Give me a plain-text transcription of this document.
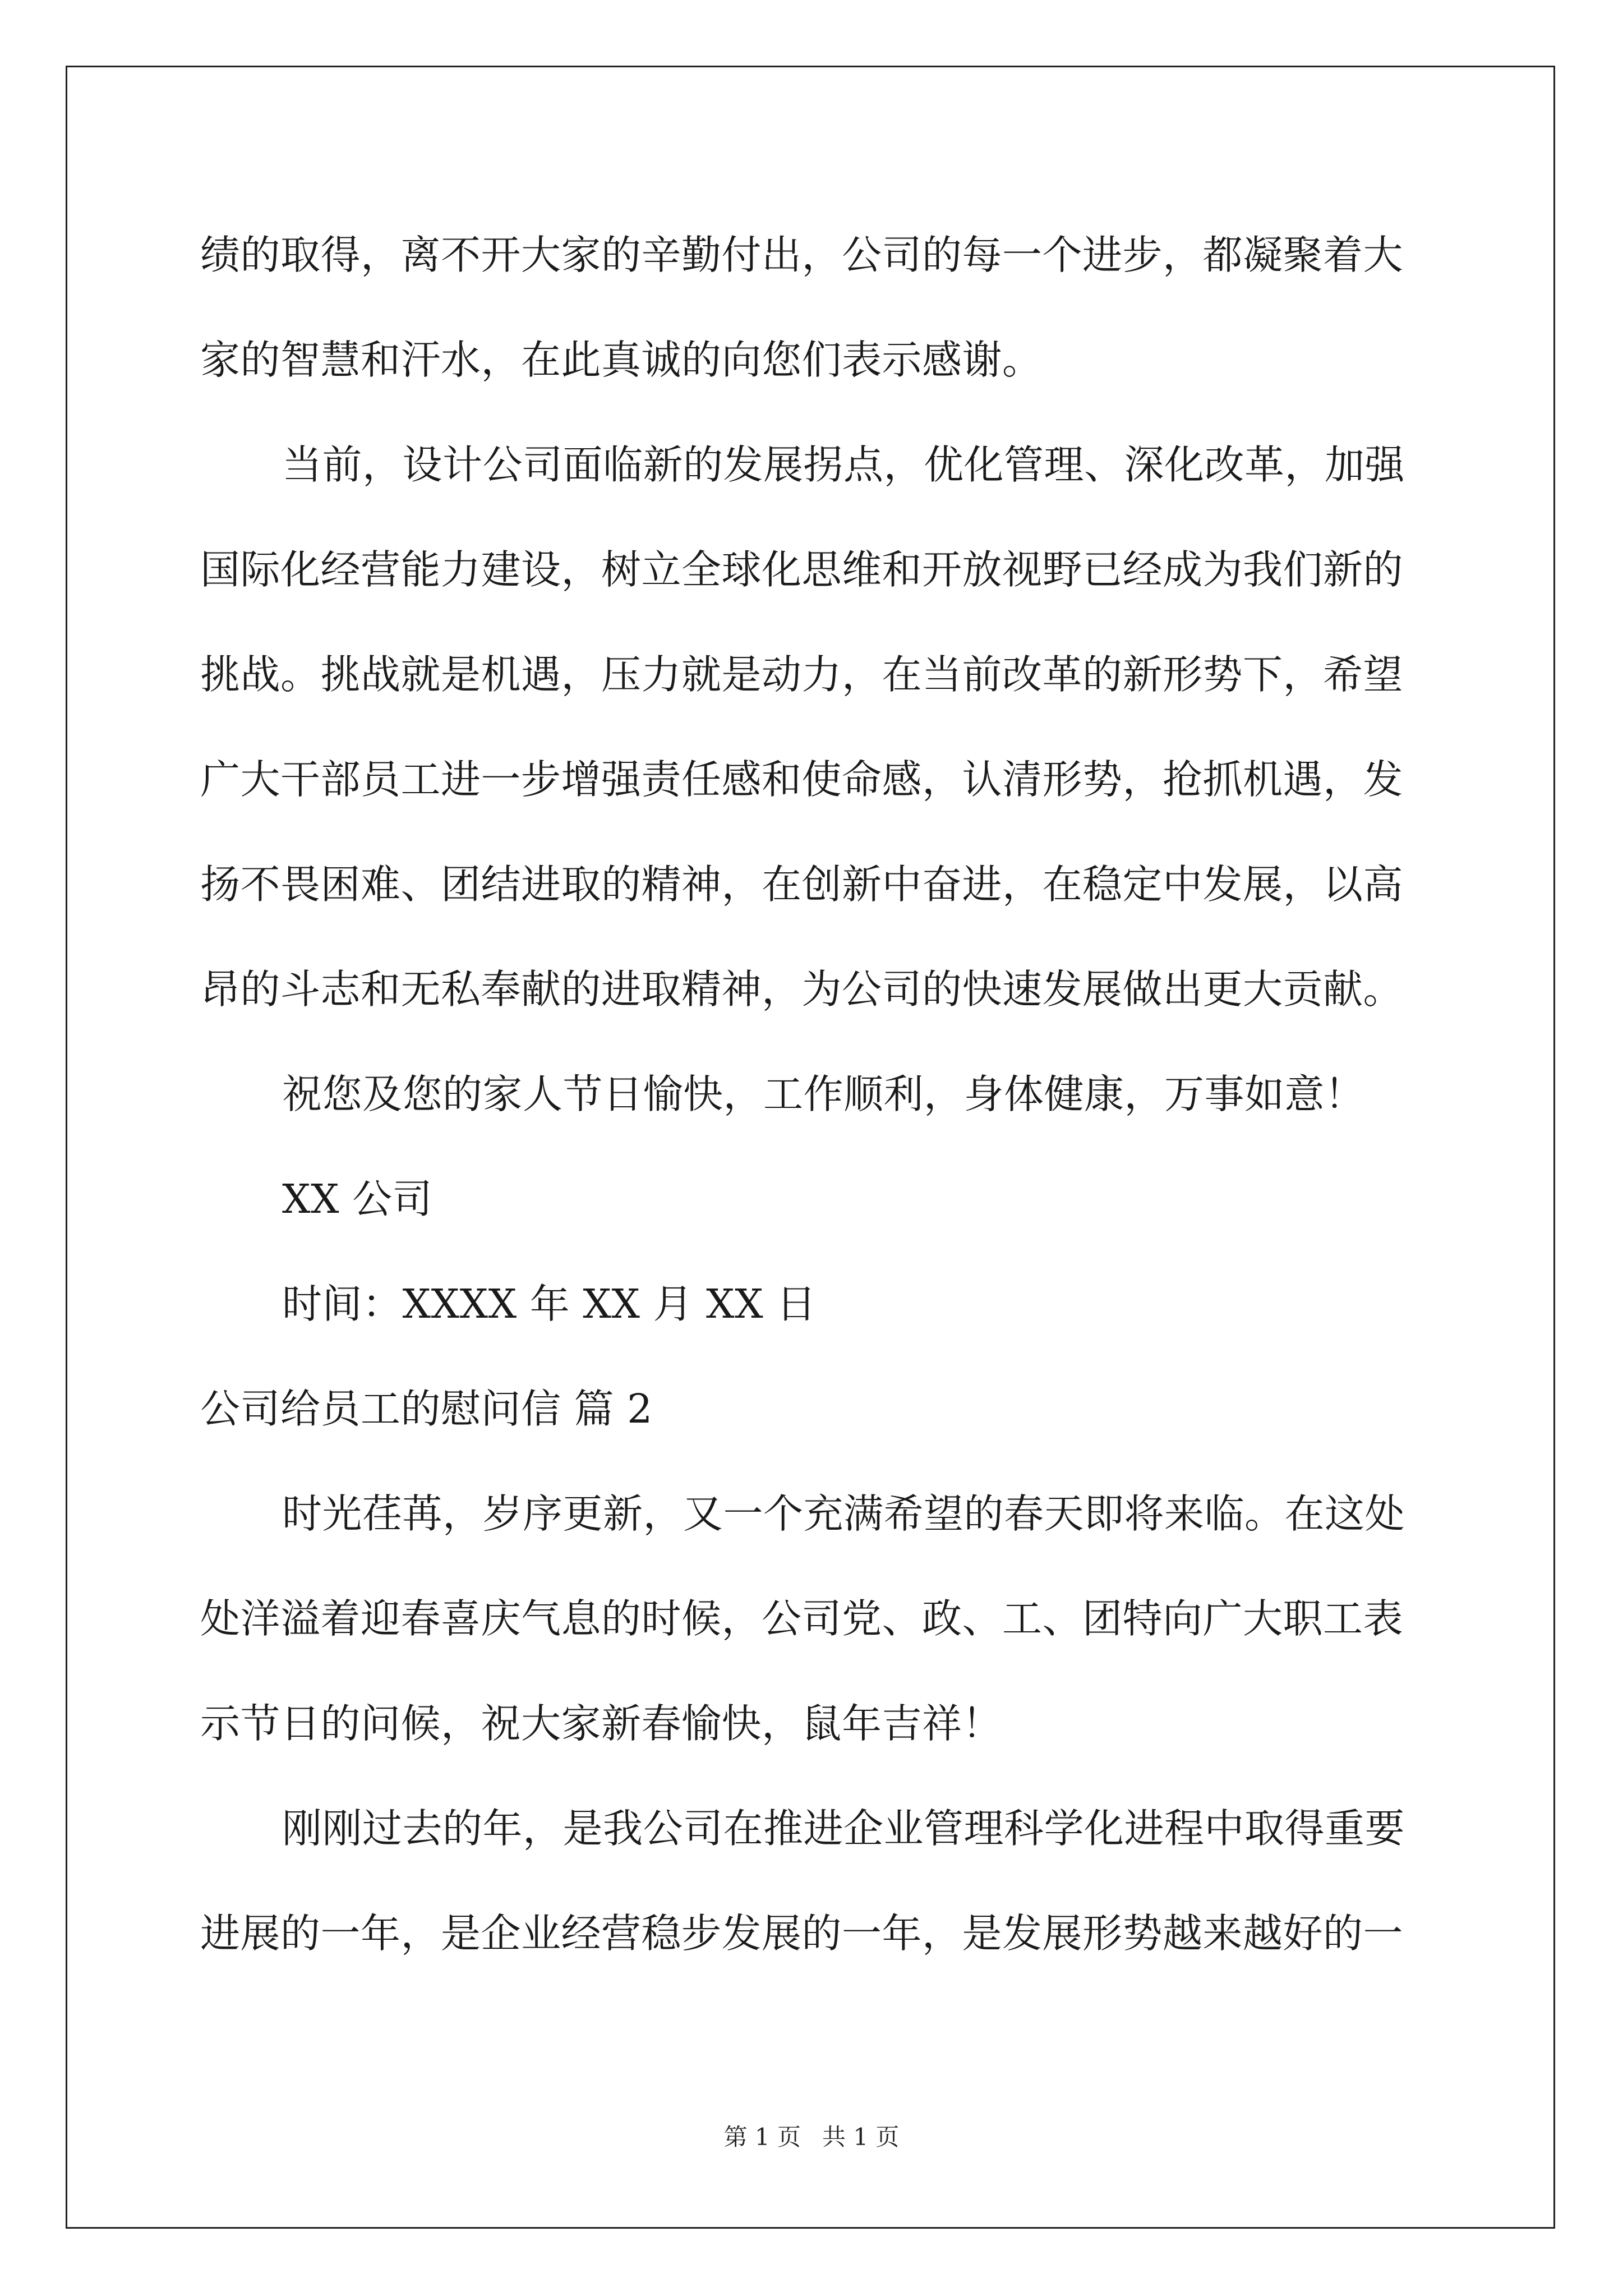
绩的取得，离不开大家的辛勤付出，公司的每一个进步，都凝聚着大
家的智慧和汗水，在此真诚的向您们表示感谢。
当前，设计公司面临新的发展拐点，优化管理、深化改革，加强
国际化经营能力建设，树立全球化思维和开放视野已经成为我们新的
挑战。挑战就是机遇，压力就是动力，在当前改革的新形势下，希望
广大干部员工进一步增强责任感和使命感，认清形势，抢抓机遇，发
扬不畏困难、团结进取的精神，在创新中奋进，在稳定中发展，以高
昂的斗志和无私奉献的进取精神，为公司的快速发展做出更大贡献。
祝您及您的家人节日愉快，工作顺利，身体健康，万事如意！
XX 公司
时间：XXXX 年 XX 月 XX 日
公司给员工的慰问信 篇 2
时光荏苒，岁序更新，又一个充满希望的春天即将来临。在这处
处洋溢着迎春喜庆气息的时候，公司党、政、工、团特向广大职工表
示节日的问候，祝大家新春愉快，鼠年吉祥！
刚刚过去的年，是我公司在推进企业管理科学化进程中取得重要
进展的一年，是企业经营稳步发展的一年，是发展形势越来越好的一
第 1 页 共 1 页
